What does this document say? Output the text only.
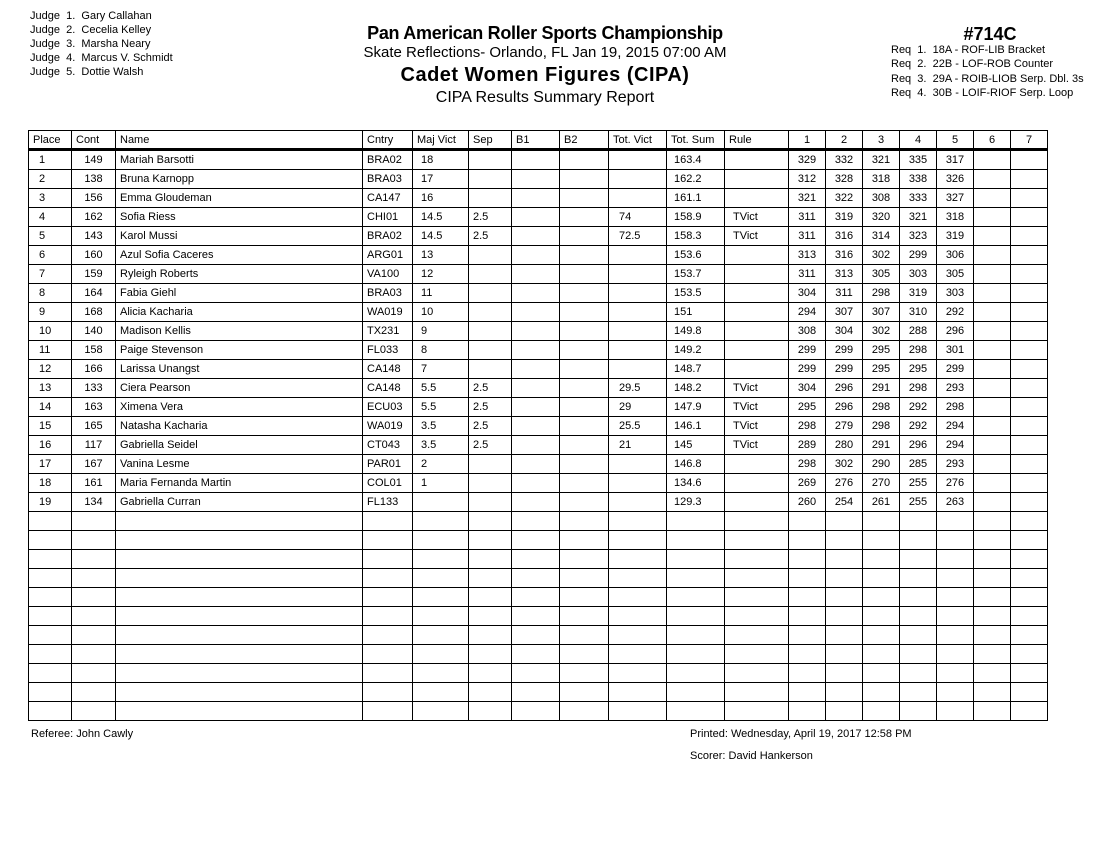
Judge  1. Gary Callahan
Judge  2. Cecelia Kelley
Judge  3. Marsha Neary
Judge  4. Marcus V. Schmidt
Judge  5. Dottie Walsh
Pan American Roller Sports Championship
Skate Reflections- Orlando, FL Jan 19, 2015 07:00 AM
Cadet Women Figures (CIPA)
CIPA Results Summary Report
#714C
Req  1. 18A - ROF-LIB Bracket
Req  2. 22B - LOF-ROB Counter
Req  3. 29A - ROIB-LIOB Serp. Dbl. 3s
Req  4. 30B - LOIF-RIOF Serp. Loop
Place	Cont	Name	Cntry	Maj Vict	Sep	B1	B2	Tot. Vict	Tot. Sum	Rule	1	2	3	4	5	6	7
1	149	Mariah Barsotti	BRA02	18					163.4		329	332	321	335	317		
2	138	Bruna Karnopp	BRA03	17					162.2		312	328	318	338	326		
3	156	Emma Gloudeman	CA147	16					161.1		321	322	308	333	327		
4	162	Sofia Riess	CHI01	14.5	2.5			74	158.9	TVict	311	319	320	321	318		
5	143	Karol Mussi	BRA02	14.5	2.5			72.5	158.3	TVict	311	316	314	323	319		
6	160	Azul Sofia Caceres	ARG01	13					153.6		313	316	302	299	306		
7	159	Ryleigh Roberts	VA100	12					153.7		311	313	305	303	305		
8	164	Fabia Giehl	BRA03	11					153.5		304	311	298	319	303		
9	168	Alicia Kacharia	WA019	10					151		294	307	307	310	292		
10	140	Madison Kellis	TX231	9					149.8		308	304	302	288	296		
11	158	Paige Stevenson	FL033	8					149.2		299	299	295	298	301		
12	166	Larissa Unangst	CA148	7					148.7		299	299	295	295	299		
13	133	Ciera Pearson	CA148	5.5	2.5			29.5	148.2	TVict	304	296	291	298	293		
14	163	Ximena Vera	ECU03	5.5	2.5			29	147.9	TVict	295	296	298	292	298		
15	165	Natasha Kacharia	WA019	3.5	2.5			25.5	146.1	TVict	298	279	298	292	294		
16	117	Gabriella Seidel	CT043	3.5	2.5			21	145	TVict	289	280	291	296	294		
17	167	Vanina Lesme	PAR01	2					146.8		298	302	290	285	293		
18	161	Maria Fernanda Martin	COL01	1					134.6		269	276	270	255	276		
19	134	Gabriella Curran	FL133						129.3		260	254	261	255	263		

Referee: John Cawly	Printed: Wednesday, April 19, 2017 12:58 PM
Scorer: David Hankerson
